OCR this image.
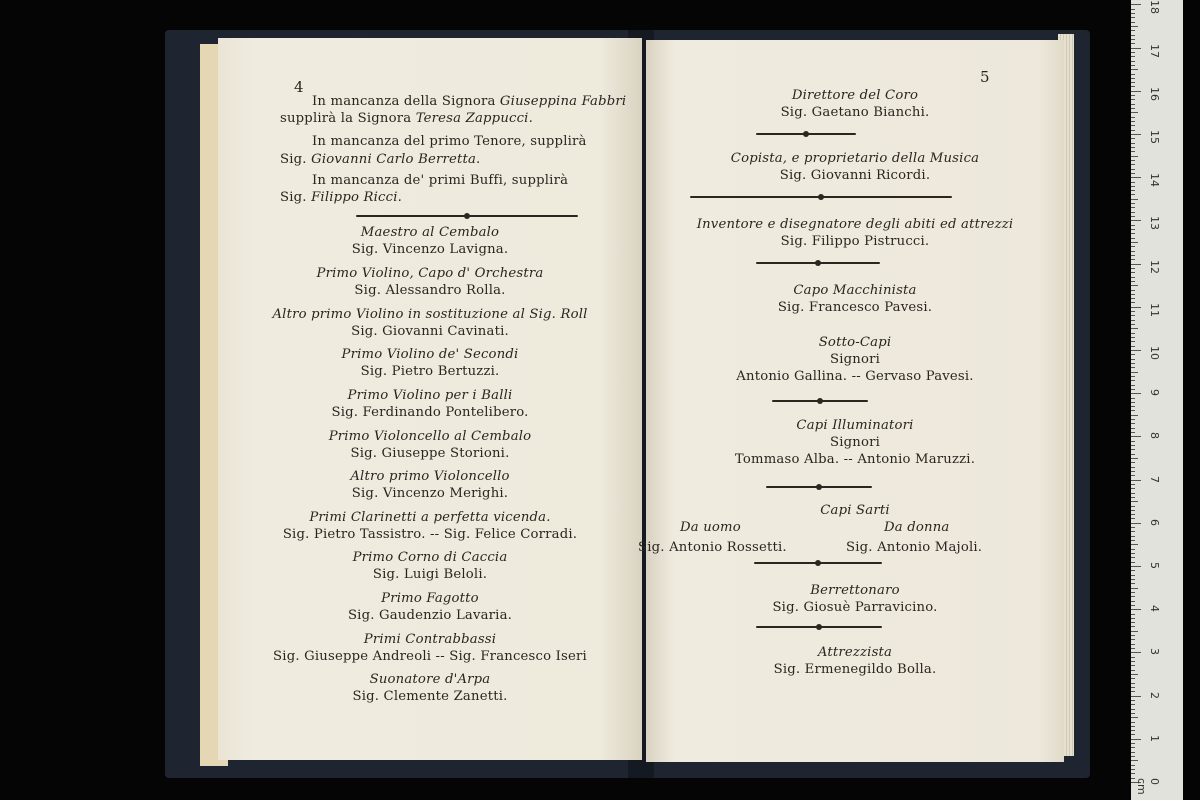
4
In mancanza della Signora Giuseppina Fabbri
supplirà la Signora Teresa Zappucci.
In mancanza del primo Tenore, supplirà
Sig. Giovanni Carlo Berretta.
In mancanza de' primi Buffi, supplirà
Sig. Filippo Ricci.
Maestro al Cembalo
Sig. Vincenzo Lavigna.
Primo Violino, Capo d' Orchestra
Sig. Alessandro Rolla.
Altro primo Violino in sostituzione al Sig. Roll
Sig. Giovanni Cavinati.
Primo Violino de' Secondi
Sig. Pietro Bertuzzi.
Primo Violino per i Balli
Sig. Ferdinando Pontelibero.
Primo Violoncello al Cembalo
Sig. Giuseppe Storioni.
Altro primo Violoncello
Sig. Vincenzo Merighi.
Primi Clarinetti a perfetta vicenda.
Sig. Pietro Tassistro. -- Sig. Felice Corradi.
Primo Corno di Caccia
Sig. Luigi Beloli.
Primo Fagotto
Sig. Gaudenzio Lavaria.
Primi Contrabbassi
Sig. Giuseppe Andreoli -- Sig. Francesco Iseri
Suonatore d'Arpa
Sig. Clemente Zanetti.
5
Direttore del Coro
Sig. Gaetano Bianchi.
Copista, e proprietario della Musica
Sig. Giovanni Ricordi.
Inventore e disegnatore degli abiti ed attrezzi
Sig. Filippo Pistrucci.
Capo Macchinista
Sig. Francesco Pavesi.
Sotto-Capi
Signori
Antonio Gallina. -- Gervaso Pavesi.
Capi Illuminatori
Signori
Tommaso Alba. -- Antonio Maruzzi.
Capi Sarti
Da uomo	Da donna
Sig. Antonio Rossetti.	Sig. Antonio Majoli.
Berrettonaro
Sig. Giosuè Parravicino.
Attrezzista
Sig. Ermenegildo Bolla.
0 cm
1
2
3
4
5
6
7
8
9
10
11
12
13
14
15
16
17
18
